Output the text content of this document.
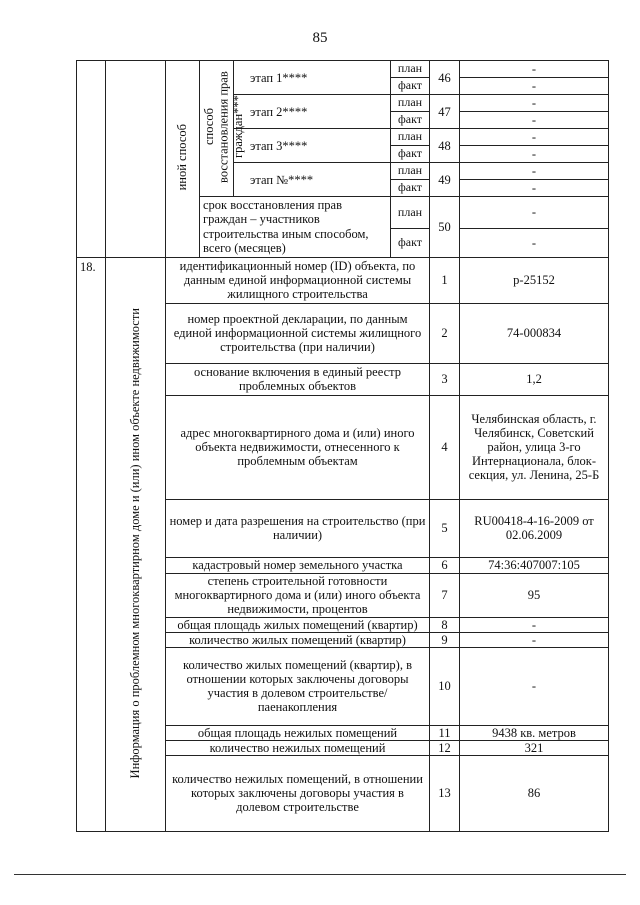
85
		иной способ	способ восстановления прав граждан***	этап 1****	план	46	-
					факт		-
				этап 2****	план	47	-
					факт		-
				этап 3****	план	48	-
					факт		-
				этап №****	план	49	-
					факт		-
			срок восстановления прав граждан – участников строительства иным способом, всего (месяцев)		план	50	-
					факт		-
18.	Информация о проблемном многоквартирном доме и (или) ином объекте недвижимости	идентификационный номер (ID) объекта, по данным единой информационной системы жилищного строительства				1	р-25152
		номер проектной декларации, по данным единой информационной системы жилищного строительства (при наличии)				2	74-000834
		основание включения в единый реестр проблемных объектов				3	1,2
		адрес многоквартирного дома и (или) иного объекта недвижимости, отнесенного к проблемным объектам				4	Челябинская область, г. Челябинск, Советский район, улица 3-го Интернационала, блок-секция, ул. Ленина, 25-Б
		номер и дата разрешения на строительство (при наличии)				5	RU00418-4-16-2009 от 02.06.2009
		кадастровый номер земельного участка				6	74:36:407007:105
		степень строительной готовности многоквартирного дома и (или) иного объекта недвижимости, процентов				7	95
		общая площадь жилых помещений (квартир)				8	-
		количество жилых помещений (квартир)				9	-
		количество жилых помещений (квартир), в отношении которых заключены договоры участия в долевом строительстве/паенакопления				10	-
		общая площадь нежилых помещений				11	9438 кв. метров
		количество нежилых помещений				12	321
		количество нежилых помещений, в отношении которых заключены договоры участия в долевом строительстве				13	86
